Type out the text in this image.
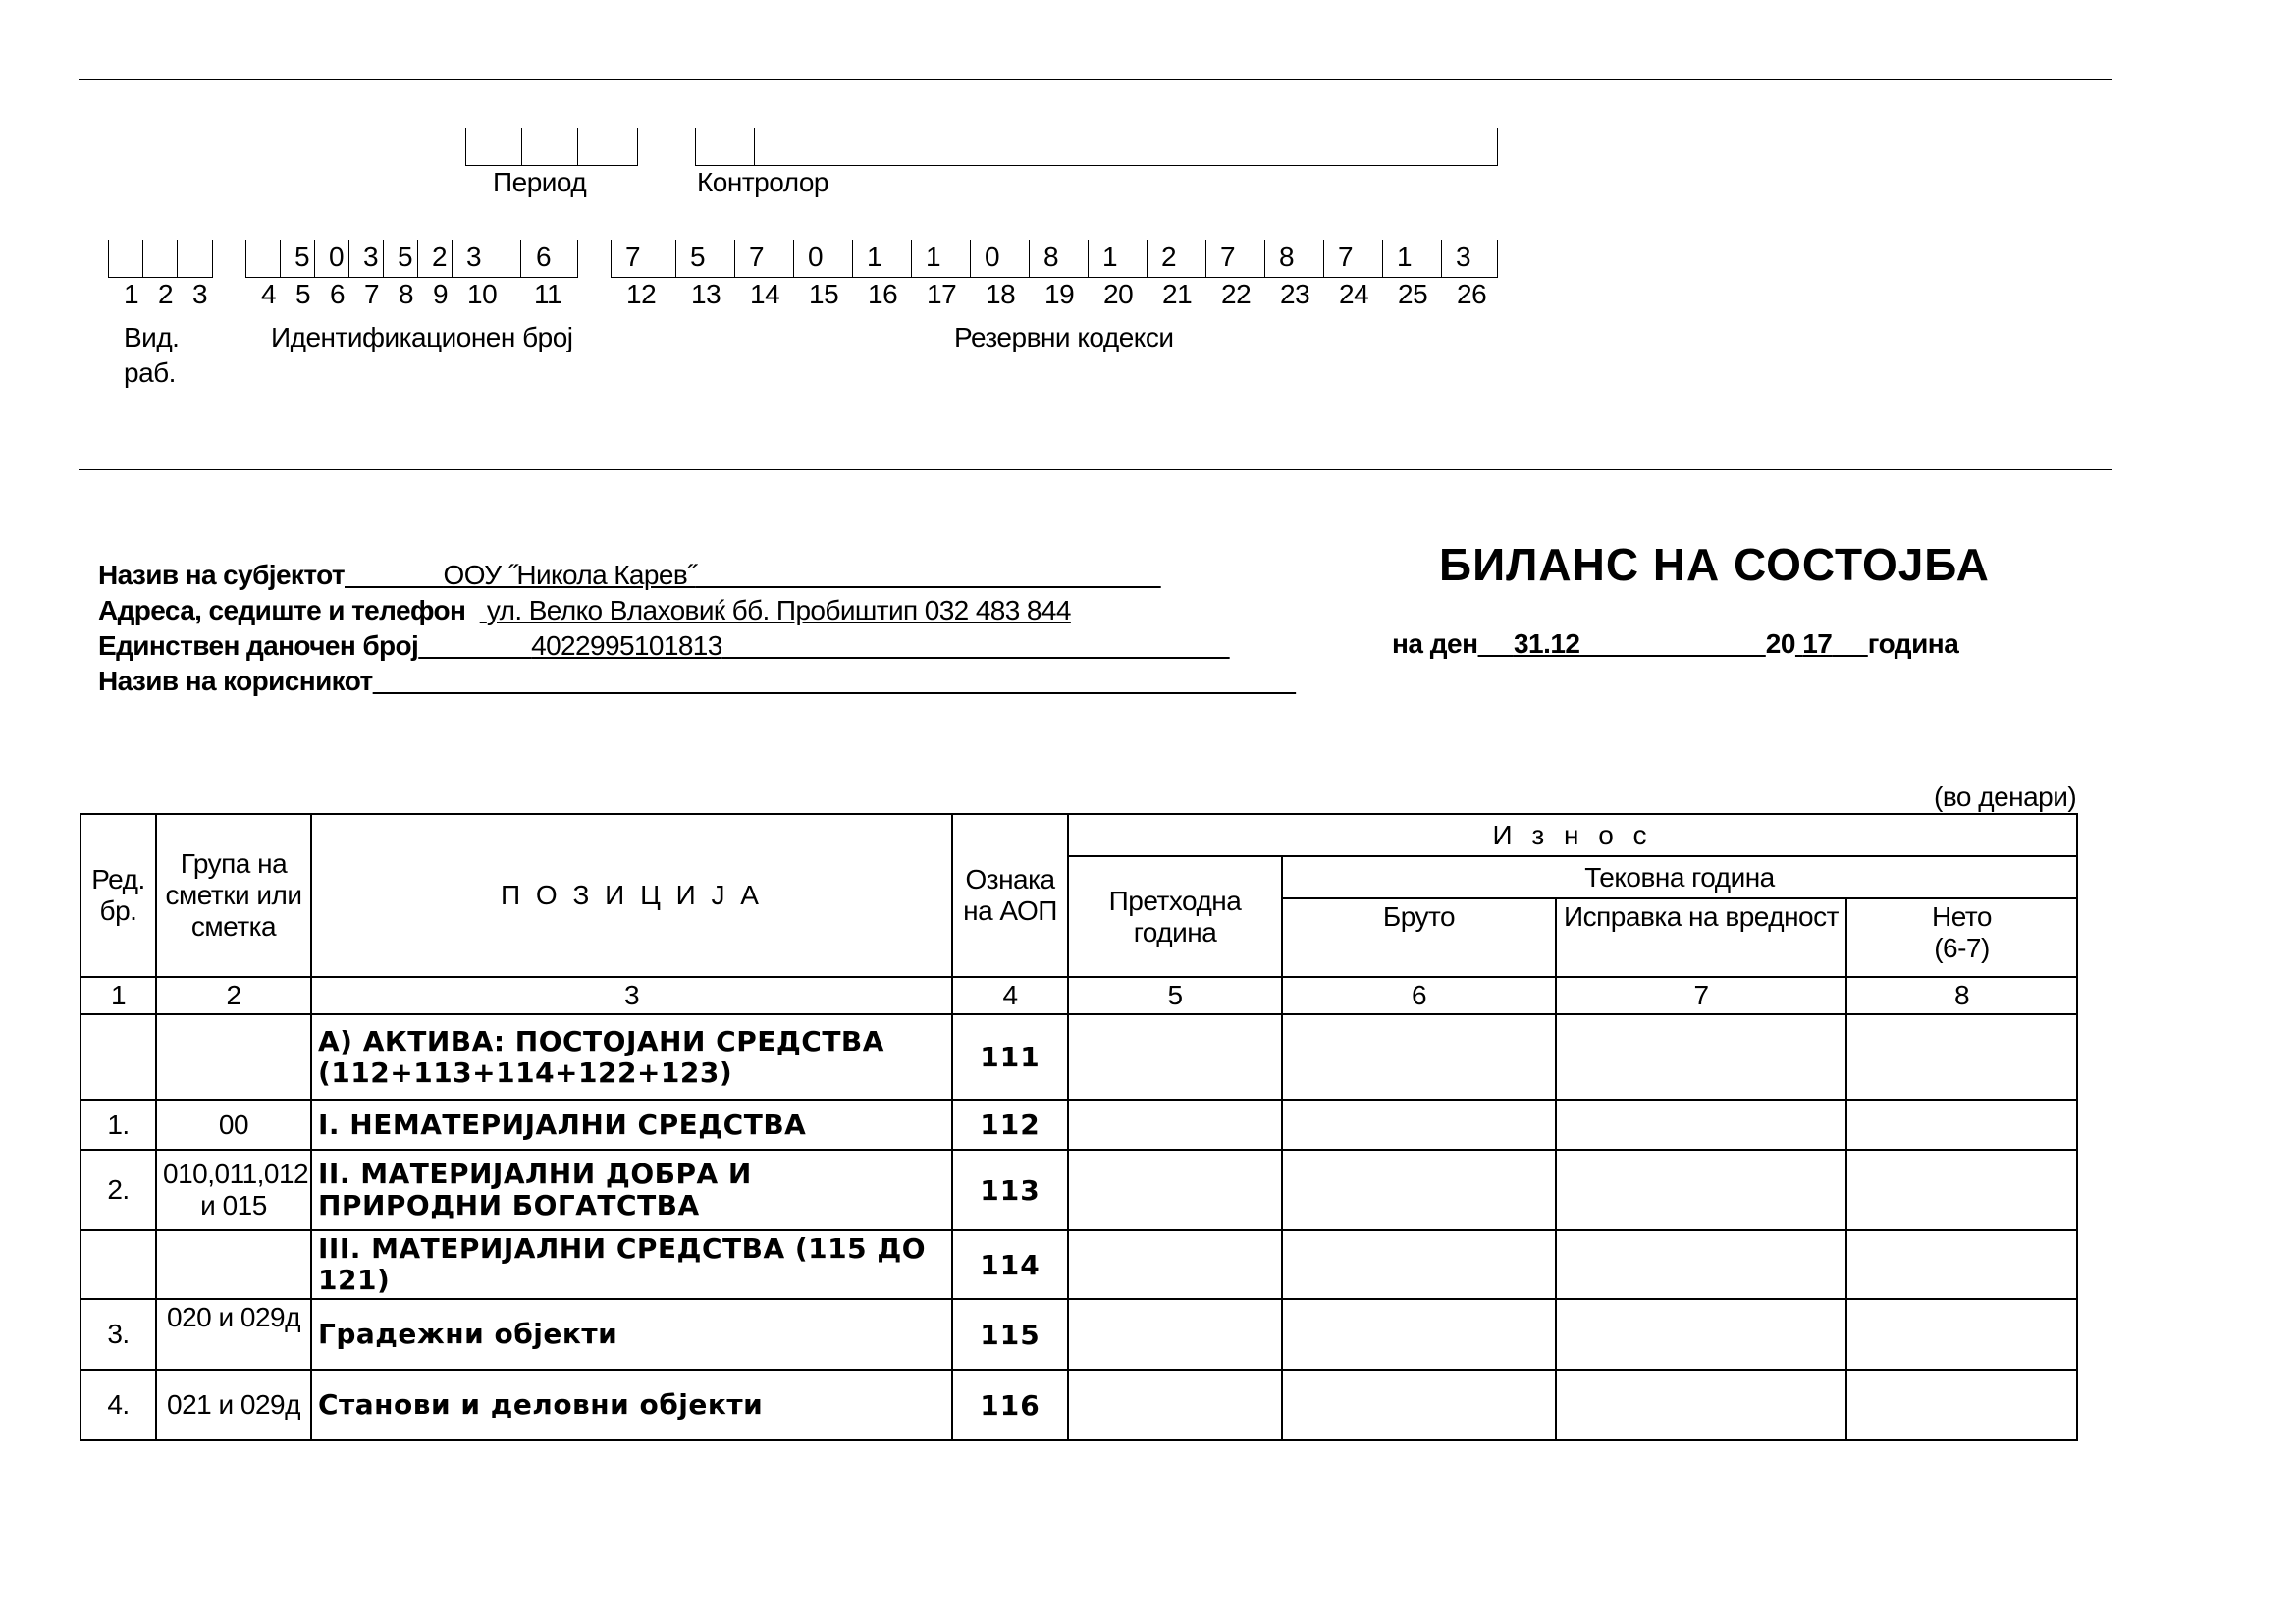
Период	Контролор
5 0 3 5 2 3 6	7 5 7 0 1 1 0 8 1 2 7 8 7 1 3
1 2 3 4 5 6 7 8 9 10 11 12 13 14 15 16 17 18 19 20 21 22 23 24 25 26
Вид.
раб.
Идентификационен број	Резервни кодекси
Назив на субјектот	ООУ ˝Никола Карев˝
Адреса, седиште и телефон ул. Велко Влаховиќ бб. Пробиштип 032 483 844
Единствен даночен број	4022995101813
Назив на корисникот
БИЛАНС НА СОСТОЈБА
на ден 31.12	20 17 година
(во денари)
Ред. бр.	Група на сметки или сметка	П О З И Ц И Ј А	Ознака на АОП	И з н о с			
				Претходна година	Тековна година		
					Бруто	Исправка на вредност	Нето
(6-7)

1	2	3	4	5	6	7	8
		А) АКТИВА: ПОСТОЈАНИ СРЕДСТВА (112+113+114+122+123)	111				
1.	00	I. НЕМАТЕРИЈАЛНИ СРЕДСТВА	112				
2.	010,011,012 и 015	II. МАТЕРИЈАЛНИ ДОБРА И ПРИРОДНИ БОГАТСТВА	113				
		III. МАТЕРИЈАЛНИ СРЕДСТВА (115 ДО 121)	114				
3.	020 и 029д	Градежни објекти	115				
4.	021 и 029д	Станови и деловни објекти	116				
